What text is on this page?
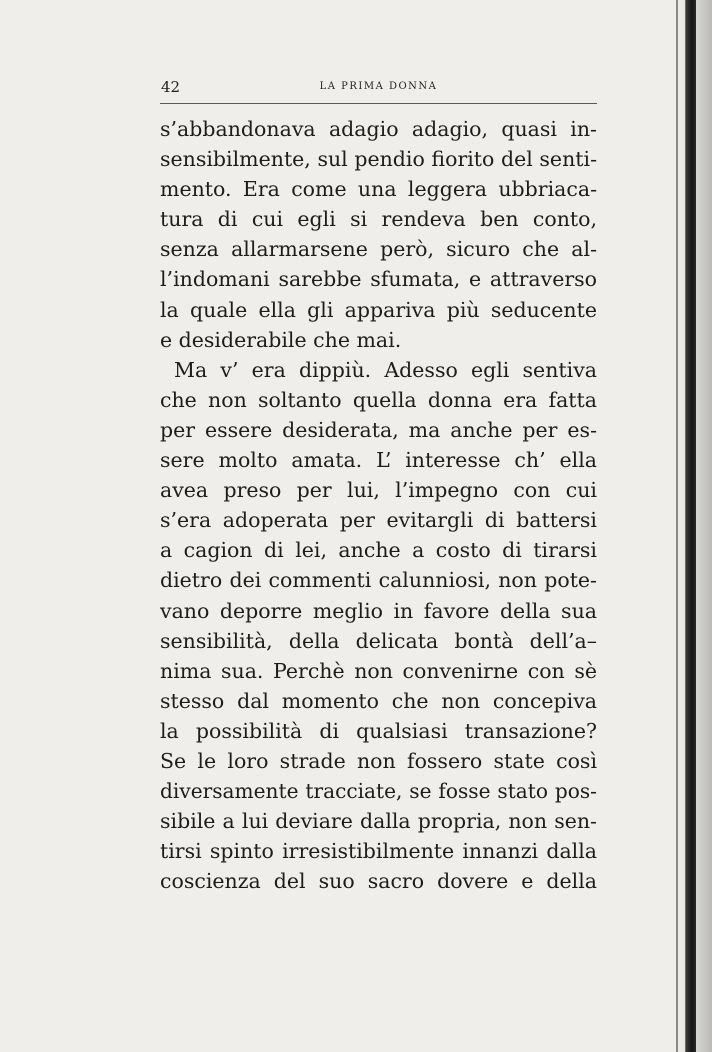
42	LA PRIMA DONNA
s’abbandonava adagio adagio, quasi in-
sensibilmente, sul pendio fiorito del senti-
mento. Era come una leggera ubbriaca-
tura di cui egli si rendeva ben conto,
senza allarmarsene però, sicuro che al-
l’indomani sarebbe sfumata, e attraverso
la quale ella gli appariva più seducente
e desiderabile che mai.
Ma v’ era dippiù. Adesso egli sentiva
che non soltanto quella donna era fatta
per essere desiderata, ma anche per es-
sere molto amata. L’ interesse ch’ ella
avea preso per lui, l’impegno con cui
s’era adoperata per evitargli di battersi
a cagion di lei, anche a costo di tirarsi
dietro dei commenti calunniosi, non pote-
vano deporre meglio in favore della sua
sensibilità, della delicata bontà dell’a–
nima sua. Perchè non convenirne con sè
stesso dal momento che non concepiva
la possibilità di qualsiasi transazione?
Se le loro strade non fossero state così
diversamente tracciate, se fosse stato pos-
sibile a lui deviare dalla propria, non sen-
tirsi spinto irresistibilmente innanzi dalla
coscienza del suo sacro dovere e della
